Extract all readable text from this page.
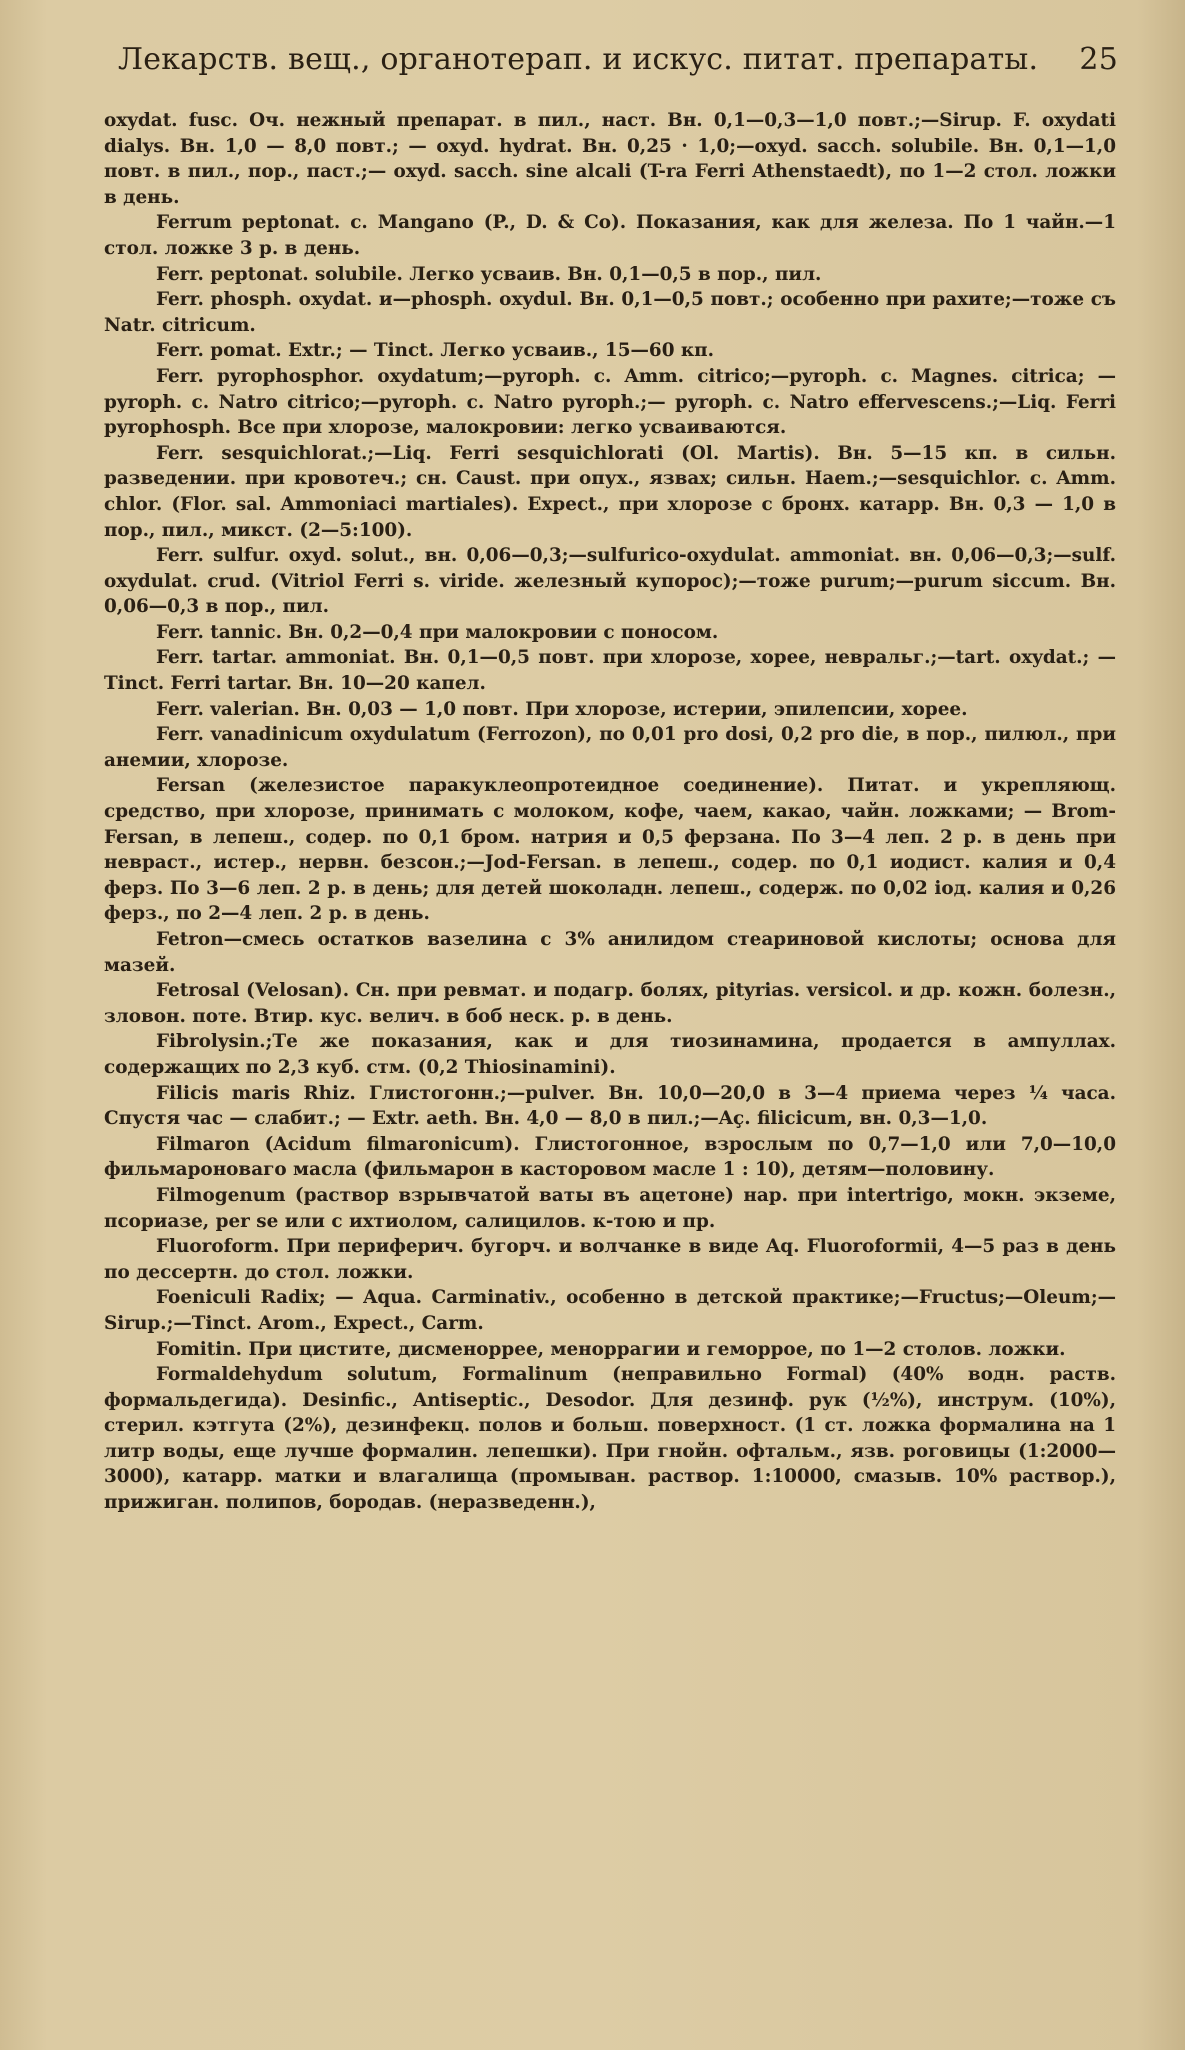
Лекарств. вещ., органотерап. и искус. питат. препараты. 25

oxydat. fusc. Оч. нежный препарат. в пил., наст. Вн. 0,1—0,3—1,0 повт.;—Sirup. F. oxydati dialys. Вн. 1,0 — 8,0 повт.; — oxyd. hydrat. Вн. 0,25 · 1,0;—oxyd. sacch. solubile. Вн. 0,1—1,0 повт. в пил., пор., паст.;— oxyd. sacch. sine alcali (T-ra Ferri Athenstaedt), по 1—2 стол. ложки в день.

Ferrum peptonat. c. Mangano (P., D. & Co). Показания, как для железа. По 1 чайн.—1 стол. ложке 3 р. в день.

Ferr. peptonat. solubile. Легко усваив. Вн. 0,1—0,5 в пор., пил.

Ferr. phosph. oxydat. и—phosph. oxydul. Вн. 0,1—0,5 повт.; особенно при рахите;—тоже съ Natr. citricum.

Ferr. pomat. Extr.; — Tinct. Легко усваив., 15—60 кп.

Ferr. pyrophosphor. oxydatum;—pyroph. c. Amm. citrico;—pyroph. c. Magnes. citrica; — pyroph. c. Natro citrico;—pyroph. c. Natro pyroph.;— pyroph. c. Natro effervescens.;—Liq. Ferri pyrophosph. Все при хлорозе, малокровии: легко усваиваются.

Ferr. sesquichlorat.;—Liq. Ferri sesquichlorati (Ol. Martis). Вн. 5—15 кп. в сильн. разведении. при кровотеч.; сн. Caust. при опух., язвах; сильн. Haem.;—sesquichlor. c. Amm. chlor. (Flor. sal. Ammoniaci martiales). Expect., при хлорозе с бронх. катарр. Вн. 0,3 — 1,0 в пор., пил., микст. (2—5:100).

Ferr. sulfur. oxyd. solut., вн. 0,06—0,3;—sulfurico-oxydulat. ammoniat. вн. 0,06—0,3;—sulf. oxydulat. crud. (Vitriol Ferri s. viride. железный купорос);—тоже purum;—purum siccum. Вн. 0,06—0,3 в пор., пил.

Ferr. tannic. Вн. 0,2—0,4 при малокровии с поносом.

Ferr. tartar. ammoniat. Вн. 0,1—0,5 повт. при хлорозе, хорее, невральг.;—tart. oxydat.; — Tinct. Ferri tartar. Вн. 10—20 капел.

Ferr. valerian. Вн. 0,03 — 1,0 повт. При хлорозе, истерии, эпилепсии, хорее.

Ferr. vanadinicum oxydulatum (Ferrozon), по 0,01 pro dosi, 0,2 pro die, в пор., пилюл., при анемии, хлорозе.

Fersan (железистое паракуклеопротеидное соединение). Питат. и укрепляющ. средство, при хлорозе, принимать с молоком, кофе, чаем, какао, чайн. ложками; — Brom-Fersan, в лепеш., содер. по 0,1 бром. натрия и 0,5 ферзана. По 3—4 леп. 2 р. в день при неврaст., истер., нервн. безсон.;—Jod-Fersan. в лепеш., содер. по 0,1 иодист. калия и 0,4 ферз. По 3—6 леп. 2 р. в день; для детей шоколадн. лепеш., содерж. по 0,02 iод. калия и 0,26 ферз., по 2—4 леп. 2 р. в день.

Fetron—смесь остатков вазелина с 3% анилидом стеариновой кислоты; основа для мазей.

Fetrosal (Velosan). Сн. при ревмат. и подагр. болях, pityrias. versicol. и др. кожн. болезн., зловон. поте. Втир. кус. велич. в боб неск. р. в день.

Fibrolysin.;Те же показания, как и для тиозинамина, продается в ампуллах. содержащих по 2,3 куб. стм. (0,2 Thiosinamini).

Filicis maris Rhiz. Глистогонн.;—pulver. Вн. 10,0—20,0 в 3—4 приема через ¼ часа. Спустя час — слабит.; — Extr. aeth. Вн. 4,0 — 8,0 в пил.;—Aç. filicicum, вн. 0,3—1,0.

Filmaron (Acidum filmaronicum). Глистогонное, взрослым по 0,7—1,0 или 7,0—10,0 фильмароноваго масла (фильмарон в касторовом масле 1 : 10), детям—половину.

Filmogenum (раствор взрывчатой ваты въ ацетоне) нар. при intertrigo, мокн. экземе, псориазе, per se или с ихтиолом, салицилов. к-тою и пр.

Fluoroform. При периферич. бугорч. и волчанке в виде Aq. Fluoroformii, 4—5 раз в день по дессертн. до стол. ложки.

Foeniculi Radix; — Aqua. Carminativ., особенно в детской практике;—Fructus;—Oleum;—Sirup.;—Tinct. Arom., Expect., Carm.

Fomitin. При цистите, дисменоррее, меноррагии и геморрое, по 1—2 столов. ложки.

Formaldehydum solutum, Formalinum (неправильно Formal) (40% водн. раств. формальдегида). Desinfic., Antiseptic., Desodor. Для дезинф. рук (½%), инструм. (10%), стерил. кэтгута (2%), дезинфекц. полов и больш. поверхност. (1 ст. ложка формалина на 1 литр воды, еще лучше формалин. лепешки). При гнойн. офтальм., язв. роговицы (1:2000—3000), катарр. матки и влагалища (промыван. раствор. 1:10000, смазыв. 10% раствор.), прижиган. полипов, бородав. (неразведенн.),
